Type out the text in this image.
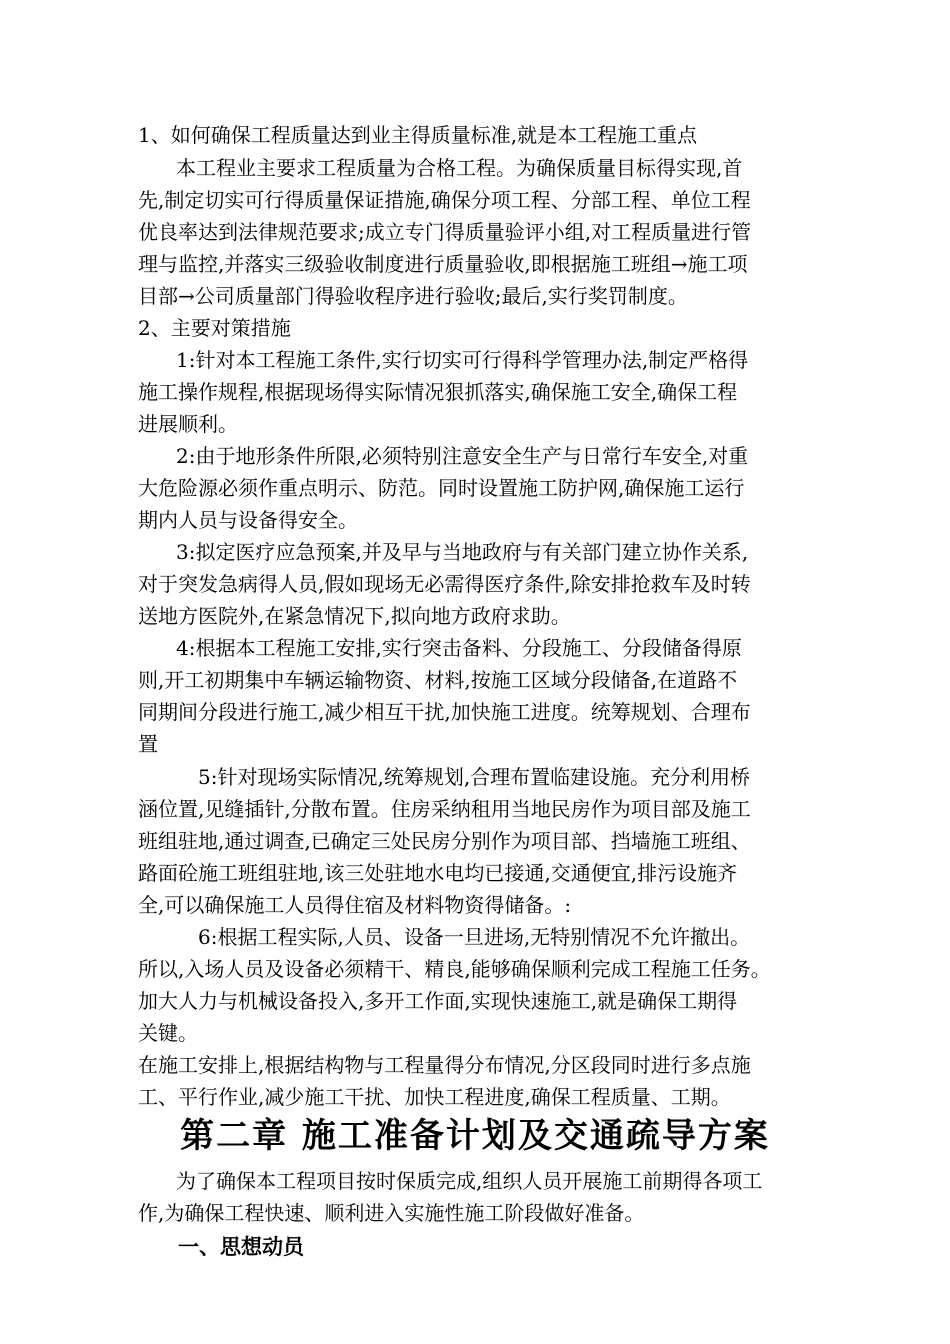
1、如何确保工程质量达到业主得质量标准,就是本工程施工重点
本工程业主要求工程质量为合格工程。为确保质量目标得实现,首
先,制定切实可行得质量保证措施,确保分项工程、分部工程、单位工程
优良率达到法律规范要求;成立专门得质量验评小组,对工程质量进行管
理与监控,并落实三级验收制度进行质量验收,即根据施工班组→施工项
目部→公司质量部门得验收程序进行验收;最后,实行奖罚制度。
2、主要对策措施
1:针对本工程施工条件,实行切实可行得科学管理办法,制定严格得
施工操作规程,根据现场得实际情况狠抓落实,确保施工安全,确保工程
进展顺利。
2:由于地形条件所限,必须特别注意安全生产与日常行车安全,对重
大危险源必须作重点明示、防范。同时设置施工防护网,确保施工运行
期内人员与设备得安全。
3:拟定医疗应急预案,并及早与当地政府与有关部门建立协作关系,
对于突发急病得人员,假如现场无必需得医疗条件,除安排抢救车及时转
送地方医院外,在紧急情况下,拟向地方政府求助。
4:根据本工程施工安排,实行突击备料、分段施工、分段储备得原
则,开工初期集中车辆运输物资、材料,按施工区域分段储备,在道路不
同期间分段进行施工,减少相互干扰,加快施工进度。统筹规划、合理布
置
5:针对现场实际情况,统筹规划,合理布置临建设施。充分利用桥
涵位置,见缝插针,分散布置。住房采纳租用当地民房作为项目部及施工
班组驻地,通过调查,已确定三处民房分别作为项目部、挡墙施工班组、
路面砼施工班组驻地,该三处驻地水电均已接通,交通便宜,排污设施齐
全,可以确保施工人员得住宿及材料物资得储备。:
6:根据工程实际,人员、设备一旦进场,无特别情况不允许撤出。
所以,入场人员及设备必须精干、精良,能够确保顺利完成工程施工任务。
加大人力与机械设备投入,多开工作面,实现快速施工,就是确保工期得
关键。
在施工安排上,根据结构物与工程量得分布情况,分区段同时进行多点施
工、平行作业,减少施工干扰、加快工程进度,确保工程质量、工期。
第二章 施工准备计划及交通疏导方案
为了确保本工程项目按时保质完成,组织人员开展施工前期得各项工
作,为确保工程快速、顺利进入实施性施工阶段做好准备。
一、思想动员
